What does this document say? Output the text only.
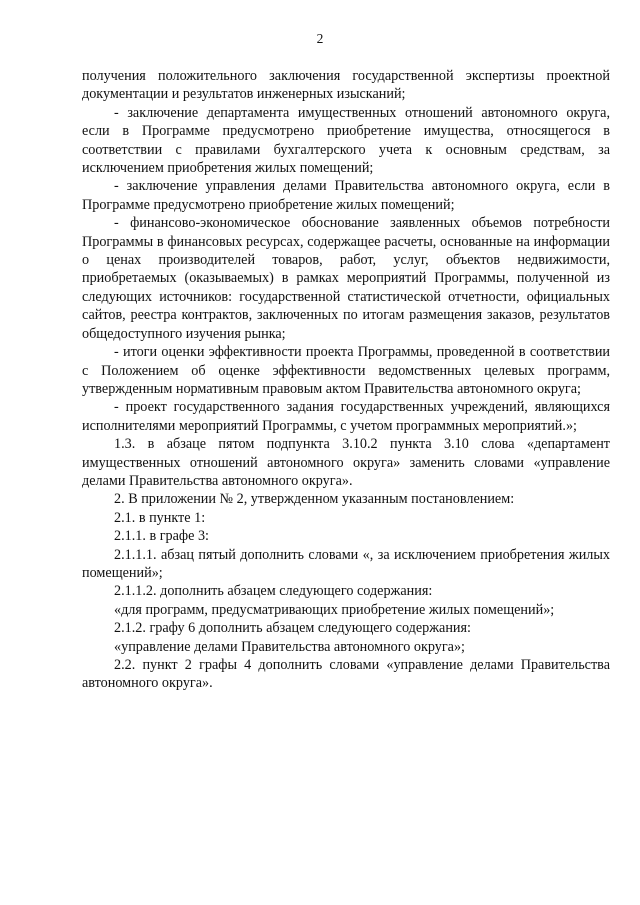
2

получения положительного заключения государственной экспертизы проектной документации и результатов инженерных изысканий;

- заключение департамента имущественных отношений автономного округа, если в Программе предусмотрено приобретение имущества, относящегося в соответствии с правилами бухгалтерского учета к основным средствам, за исключением приобретения жилых помещений;

- заключение управления делами Правительства автономного округа, если в Программе предусмотрено приобретение жилых помещений;

- финансово-экономическое обоснование заявленных объемов потребности Программы в финансовых ресурсах, содержащее расчеты, основанные на информации о ценах производителей товаров, работ, услуг, объектов недвижимости, приобретаемых (оказываемых) в рамках мероприятий Программы, полученной из следующих источников: государственной статистической отчетности, официальных сайтов, реестра контрактов, заключенных по итогам размещения заказов, результатов общедоступного изучения рынка;

- итоги оценки эффективности проекта Программы, проведенной в соответствии с Положением об оценке эффективности ведомственных целевых программ, утвержденным нормативным правовым актом Правительства автономного округа;

- проект государственного задания государственных учреждений, являющихся исполнителями мероприятий Программы, с учетом программных мероприятий.»;

1.3. в абзаце пятом подпункта 3.10.2 пункта 3.10 слова «департамент имущественных отношений автономного округа» заменить словами «управление делами Правительства автономного округа».

2. В приложении № 2, утвержденном указанным постановлением:

2.1. в пункте 1:

2.1.1. в графе 3:

2.1.1.1. абзац пятый дополнить словами «, за исключением приобретения жилых помещений»;

2.1.1.2. дополнить абзацем следующего содержания:

«для программ, предусматривающих приобретение жилых помещений»;

2.1.2. графу 6 дополнить абзацем следующего содержания:

«управление делами Правительства автономного округа»;

2.2. пункт 2 графы 4 дополнить словами «управление делами Правительства автономного округа».
